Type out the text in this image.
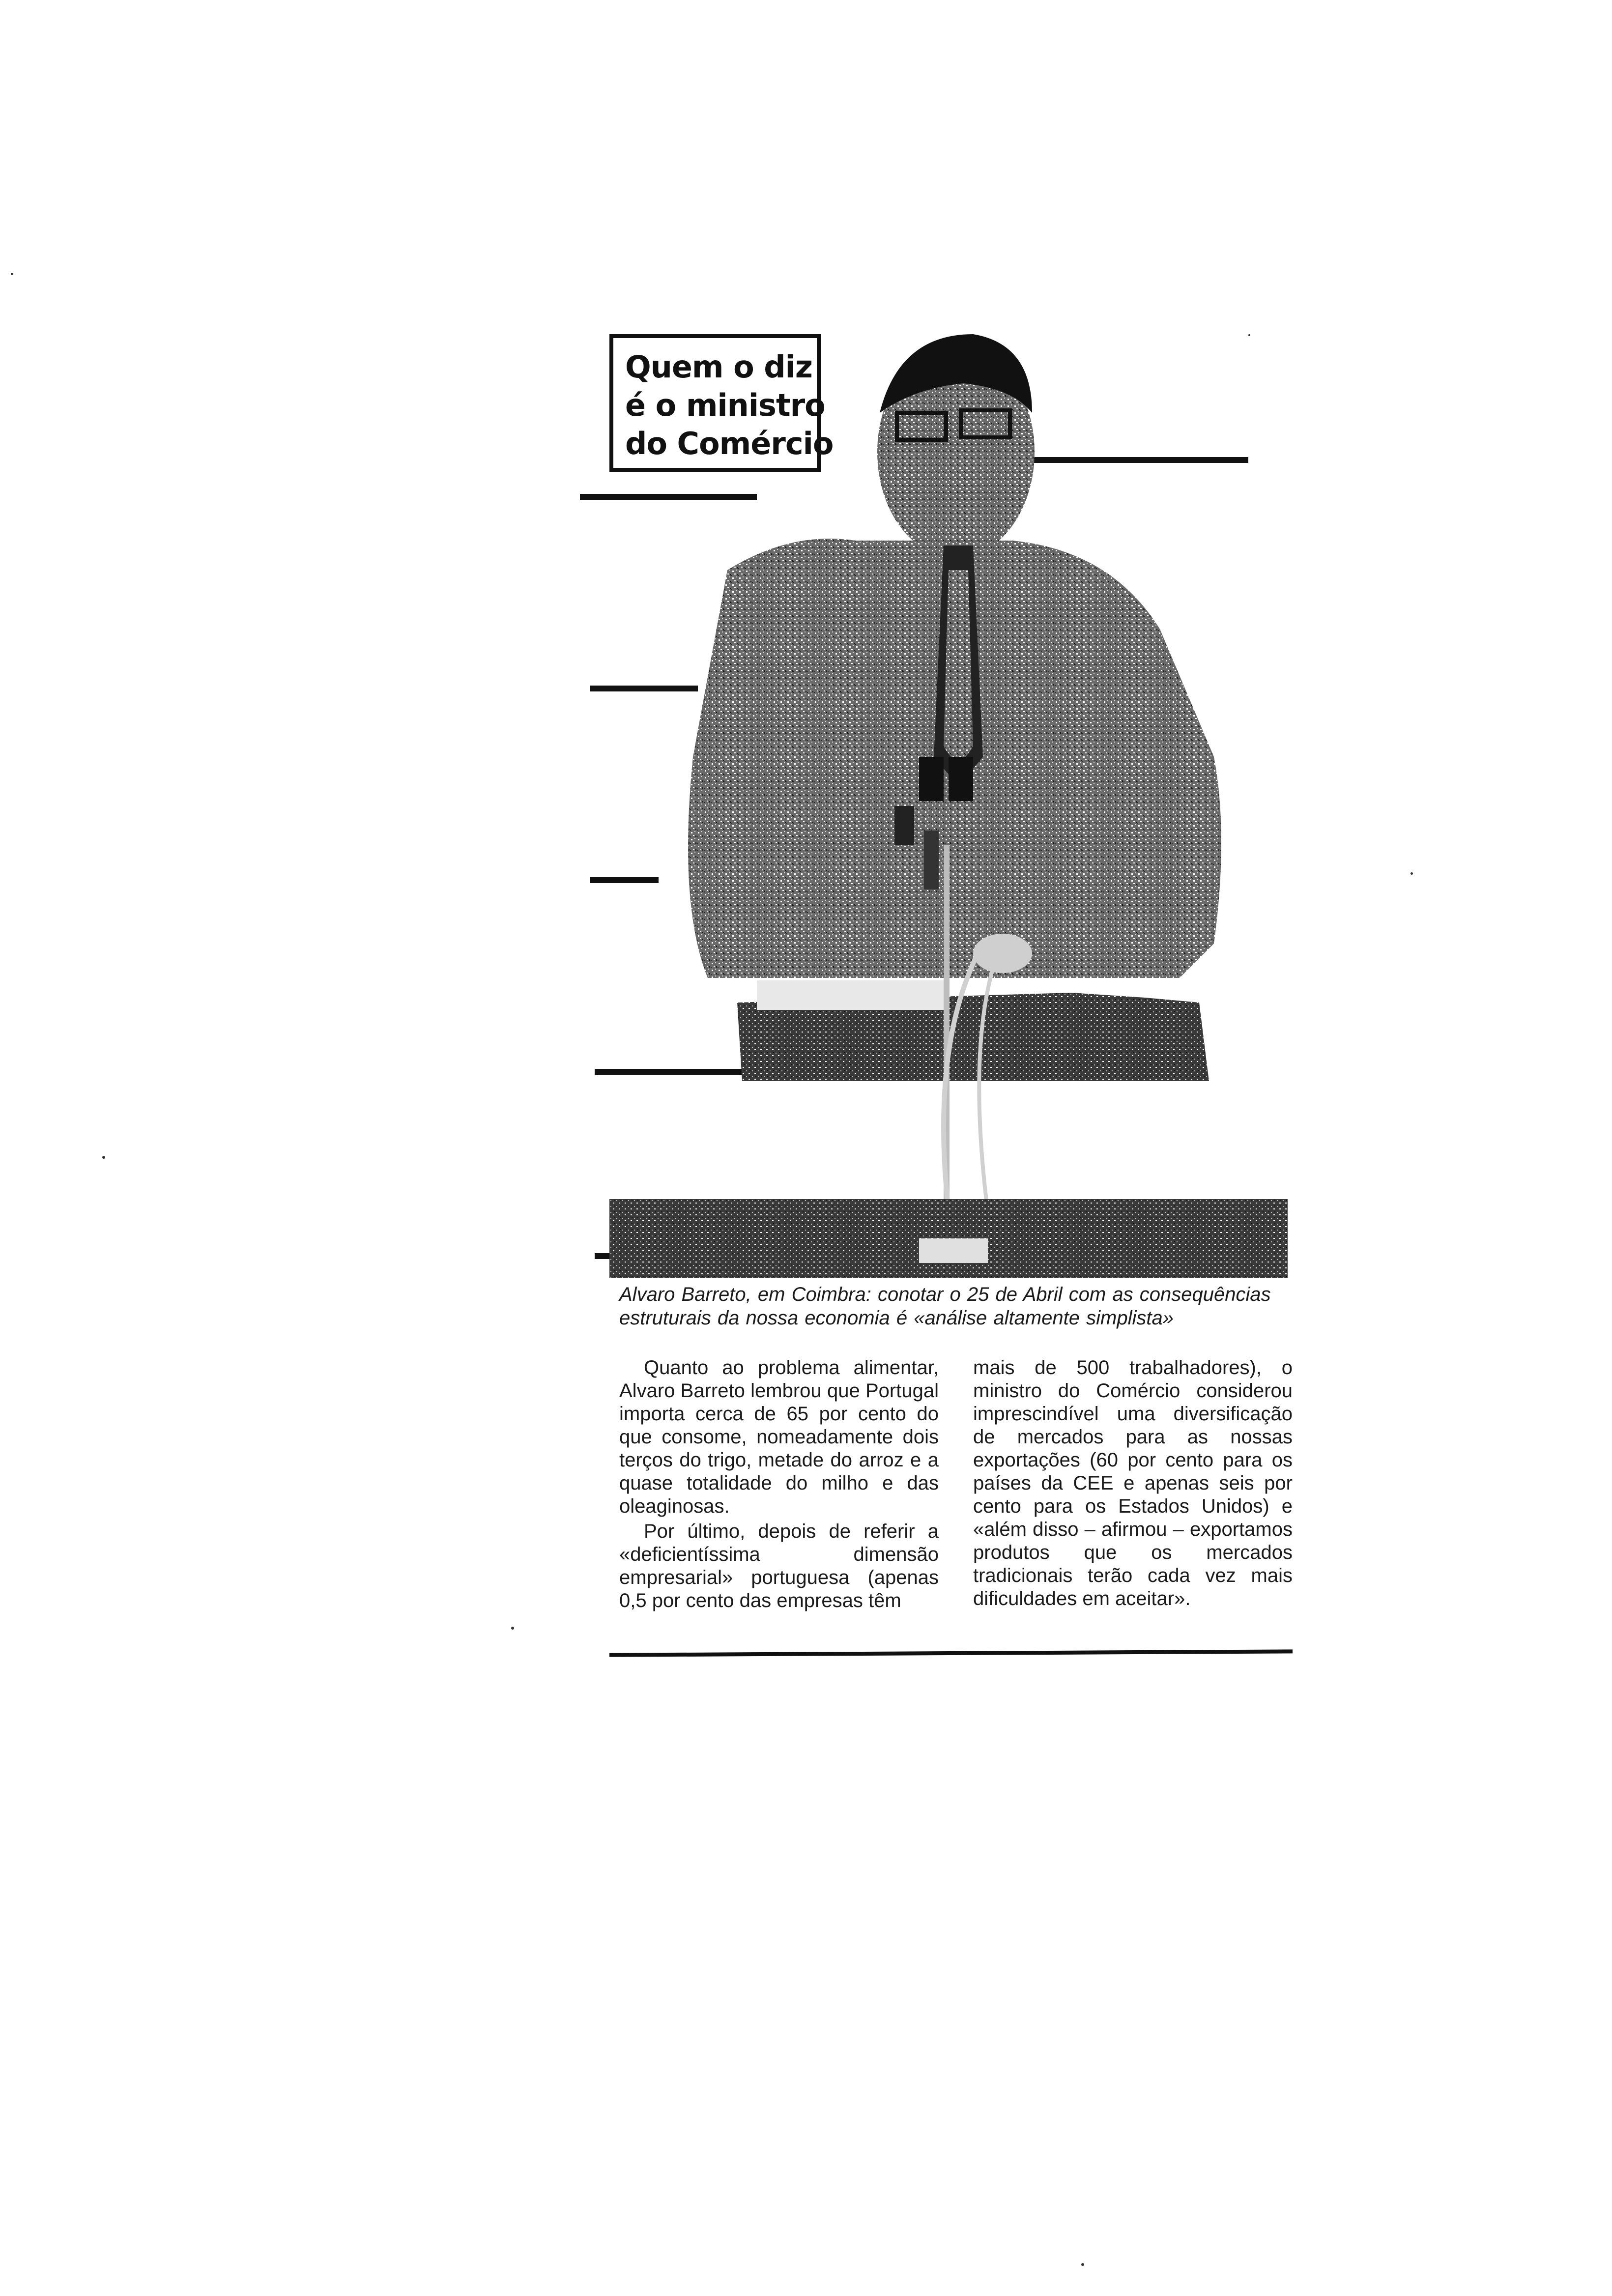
Quem o diz
é o ministro
do Comércio
Alvaro Barreto, em Coimbra: conotar o 25 de Abril com as consequências estruturais da nossa economia é «análise altamente simplista»

Quanto ao problema alimentar, Alvaro Barreto lembrou que Portugal importa cerca de 65 por cento do que consome, nomeadamente dois terços do trigo, metade do arroz e a quase totalidade do milho e das oleaginosas.

Por último, depois de referir a «deficientíssima dimensão empresarial» portuguesa (apenas 0,5 por cento das empresas têm

mais de 500 trabalhadores), o ministro do Comércio considerou imprescindível uma diversificação de mercados para as nossas exportações (60 por cento para os países da CEE e apenas seis por cento para os Estados Unidos) e «além disso – afirmou – exportamos produtos que os mercados tradicionais terão cada vez mais dificuldades em aceitar».
